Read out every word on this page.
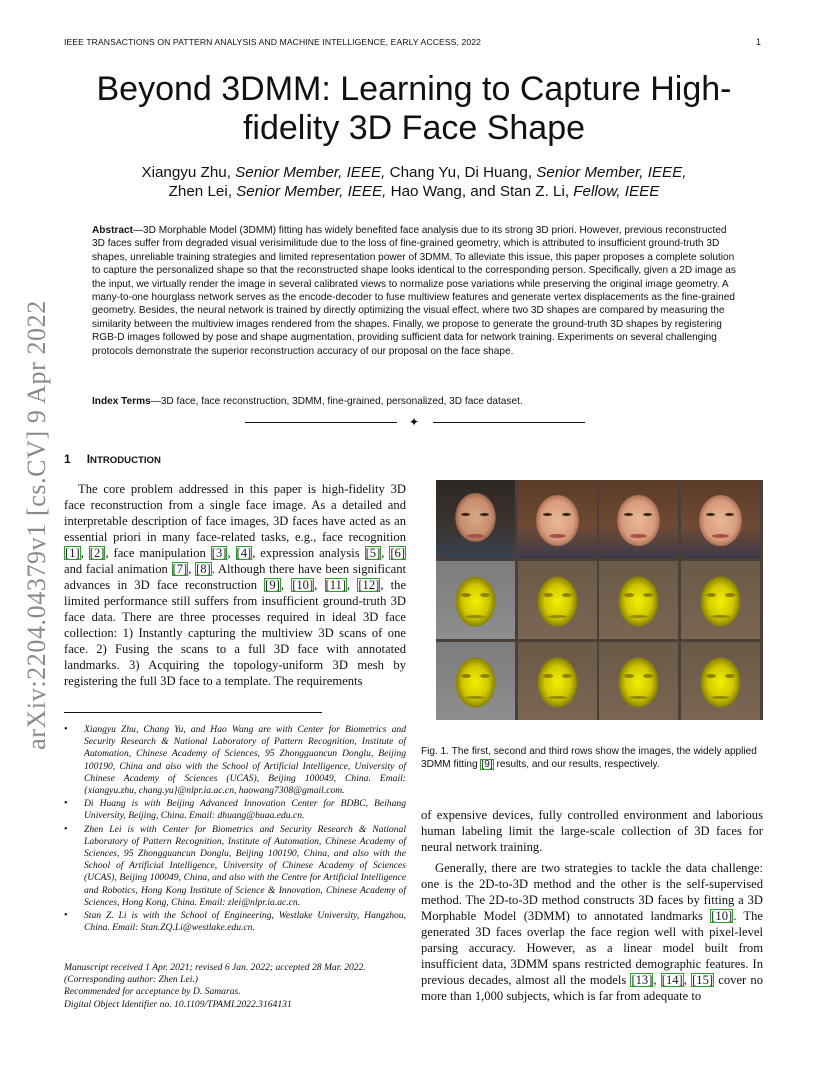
IEEE TRANSACTIONS ON PATTERN ANALYSIS AND MACHINE INTELLIGENCE, EARLY ACCESS, 2022	1
arXiv:2204.04379v1 [cs.CV] 9 Apr 2022
Beyond 3DMM: Learning to Capture High-fidelity 3D Face Shape
Xiangyu Zhu, Senior Member, IEEE, Chang Yu, Di Huang, Senior Member, IEEE,
Zhen Lei, Senior Member, IEEE, Hao Wang, and Stan Z. Li, Fellow, IEEE

Abstract—3D Morphable Model (3DMM) fitting has widely benefited face analysis due to its strong 3D priori. However, previous reconstructed 3D faces suffer from degraded visual verisimilitude due to the loss of fine-grained geometry, which is attributed to insufficient ground-truth 3D shapes, unreliable training strategies and limited representation power of 3DMM. To alleviate this issue, this paper proposes a complete solution to capture the personalized shape so that the reconstructed shape looks identical to the corresponding person. Specifically, given a 2D image as the input, we virtually render the image in several calibrated views to normalize pose variations while preserving the original image geometry. A many-to-one hourglass network serves as the encode-decoder to fuse multiview features and generate vertex displacements as the fine-grained geometry. Besides, the neural network is trained by directly optimizing the visual effect, where two 3D shapes are compared by measuring the similarity between the multiview images rendered from the shapes. Finally, we propose to generate the ground-truth 3D shapes by registering RGB-D images followed by pose and shape augmentation, providing sufficient data for network training. Experiments on several challenging protocols demonstrate the superior reconstruction accuracy of our proposal on the face shape.

Index Terms—3D face, face reconstruction, 3DMM, fine-grained, personalized, 3D face dataset.

✦
1 INTRODUCTION

The core problem addressed in this paper is high-fidelity 3D face reconstruction from a single face image. As a detailed and interpretable description of face images, 3D faces have acted as an essential priori in many face-related tasks, e.g., face recognition [1], [2], face manipulation [3], [4], expression analysis [5], [6] and facial animation [7], [8]. Although there have been significant advances in 3D face reconstruction [9], [10], [11], [12], the limited performance still suffers from insufficient ground-truth 3D face data. There are three processes required in ideal 3D face collection: 1) Instantly capturing the multiview 3D scans of one face. 2) Fusing the scans to a full 3D face with annotated landmarks. 3) Acquiring the topology-uniform 3D mesh by registering the full 3D face to a template. The requirements

• Xiangyu Zhu, Chang Yu, and Hao Wang are with Center for Biometrics and Security Research & National Laboratory of Pattern Recognition, Institute of Automation, Chinese Academy of Sciences, 95 Zhongguancun Donglu, Beijing 100190, China and also with the School of Artificial Intelligence, University of Chinese Academy of Sciences (UCAS), Beijing 100049, China. Email: {xiangyu.zhu, chang.yu}@nlpr.ia.ac.cn, haowang7308@gmail.com.
• Di Huang is with Beijing Advanced Innovation Center for BDBC, Beihang University, Beijing, China. Email: dhuang@buaa.edu.cn.
• Zhen Lei is with Center for Biometrics and Security Research & National Laboratory of Pattern Recognition, Institute of Automation, Chinese Academy of Sciences, 95 Zhongguancun Donglu, Beijing 100190, China, and also with the School of Artificial Intelligence, University of Chinese Academy of Sciences (UCAS), Beijing 100049, China, and also with the Centre for Artificial Intelligence and Robotics, Hong Kong Institute of Science & Innovation, Chinese Academy of Sciences, Hong Kong, China. Email: zlei@nlpr.ia.ac.cn.
• Stan Z. Li is with the School of Engineering, Westlake University, Hangzhou, China. Email: Stan.ZQ.Li@westlake.edu.cn.

Manuscript received 1 Apr. 2021; revised 6 Jan. 2022; accepted 28 Mar. 2022.
(Corresponding author: Zhen Lei.)
Recommended for acceptance by D. Samaras.
Digital Object Identifier no. 10.1109/TPAMI.2022.3164131

Fig. 1. The first, second and third rows show the images, the widely applied 3DMM fitting [9] results, and our results, respectively.

of expensive devices, fully controlled environment and laborious human labeling limit the large-scale collection of 3D faces for neural network training.

Generally, there are two strategies to tackle the data challenge: one is the 2D-to-3D method and the other is the self-supervised method. The 2D-to-3D method constructs 3D faces by fitting a 3D Morphable Model (3DMM) to annotated landmarks [10]. The generated 3D faces overlap the face region well with pixel-level parsing accuracy. However, as a linear model built from insufficient data, 3DMM spans restricted demographic features. In previous decades, almost all the models [13], [14], [15] cover no more than 1,000 subjects, which is far from adequate to
